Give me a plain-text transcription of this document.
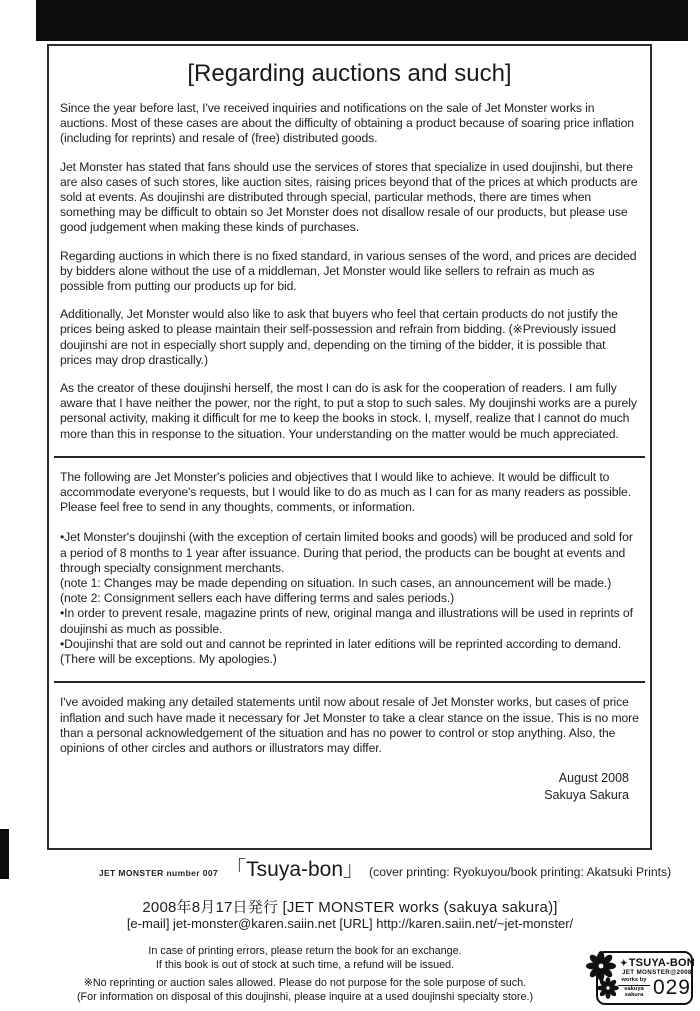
[Regarding auctions and such]

Since the year before last, I've received inquiries and notifications on the sale of Jet Monster works in auctions. Most of these cases are about the difficulty of obtaining a product because of soaring price inflation (including for reprints) and resale of (free) distributed goods.

Jet Monster has stated that fans should use the services of stores that specialize in used doujinshi, but there are also cases of such stores, like auction sites, raising prices beyond that of the prices at which products are sold at events. As doujinshi are distributed through special, particular methods, there are times when something may be difficult to obtain so Jet Monster does not disallow resale of our products, but please use good judgement when making these kinds of purchases.

Regarding auctions in which there is no fixed standard, in various senses of the word, and prices are decided by bidders alone without the use of a middleman, Jet Monster would like sellers to refrain as much as possible from putting our products up for bid.

Additionally, Jet Monster would also like to ask that buyers who feel that certain products do not justify the prices being asked to please maintain their self-possession and refrain from bidding. (※Previously issued doujinshi are not in especially short supply and, depending on the timing of the bidder, it is possible that prices may drop drastically.)

As the creator of these doujinshi herself, the most I can do is ask for the cooperation of readers. I am fully aware that I have neither the power, nor the right, to put a stop to such sales. My doujinshi works are a purely personal activity, making it difficult for me to keep the books in stock. I, myself, realize that I cannot do much more than this in response to the situation. Your understanding on the matter would be much appreciated.

The following are Jet Monster's policies and objectives that I would like to achieve. It would be difficult to accommodate everyone's requests, but I would like to do as much as I can for as many readers as possible. Please feel free to send in any thoughts, comments, or information.

•Jet Monster's doujinshi (with the exception of certain limited books and goods) will be produced and sold for a period of 8 months to 1 year after issuance. During that period, the products can be bought at events and through specialty consignment merchants.

(note 1: Changes may be made depending on situation. In such cases, an announcement will be made.)

(note 2: Consignment sellers each have differing terms and sales periods.)

•In order to prevent resale, magazine prints of new, original manga and illustrations will be used in reprints of doujinshi as much as possible.

•Doujinshi that are sold out and cannot be reprinted in later editions will be reprinted according to demand.

(There will be exceptions. My apologies.)

I've avoided making any detailed statements until now about resale of Jet Monster works, but cases of price inflation and such have made it necessary for Jet Monster to take a clear stance on the issue. This is no more than a personal acknowledgement of the situation and has no power to control or stop anything. Also, the opinions of other circles and authors or illustrators may differ.

August 2008
Sakuya Sakura
JET MONSTER number 007 「Tsuya-bon」 (cover printing: Ryokuyou/book printing: Akatsuki Prints)
2008年8月17日発行 [JET MONSTER works (sakuya sakura)]
[e-mail] jet-monster@karen.saiin.net [URL] http://karen.saiin.net/~jet-monster/
In case of printing errors, please return the book for an exchange.
If this book is out of stock at such time, a refund will be issued.
※No reprinting or auction sales allowed. Please do not purpose for the sole purpose of such.
(For information on disposal of this doujinshi, please inquire at a used doujinshi specialty store.)
✦TSUYA-BON
JET MONSTER@2008
works by
sakuya sakura 029
